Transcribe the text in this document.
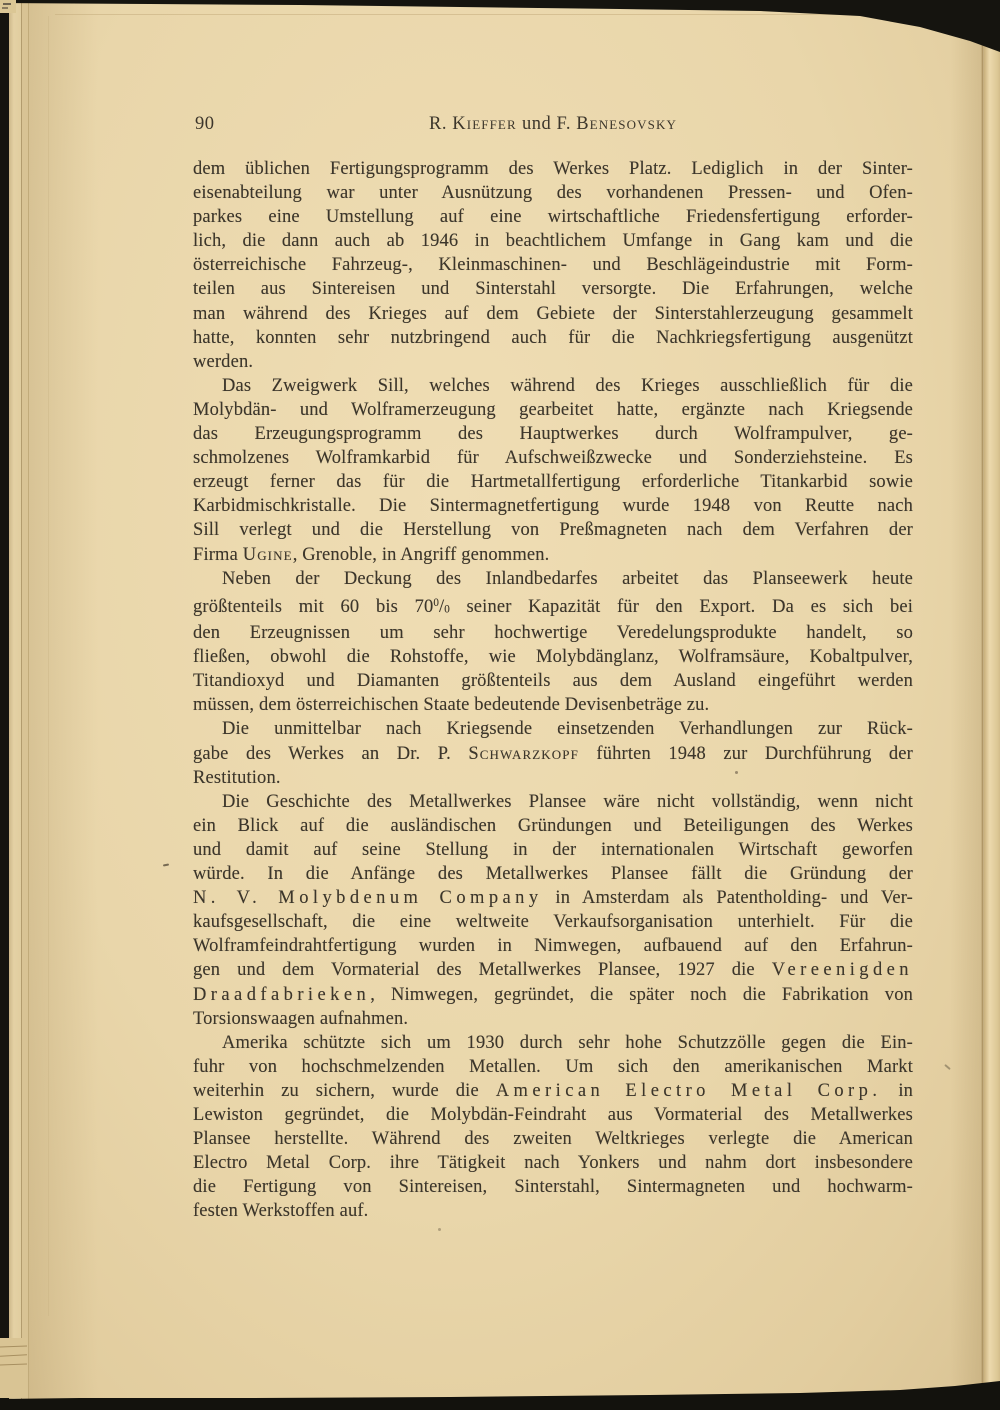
90	R. Kieffer und F. Benesovsky
dem üblichen Fertigungsprogramm des Werkes Platz. Lediglich in der Sinter-
eisenabteilung war unter Ausnützung des vorhandenen Pressen- und Ofen-
parkes eine Umstellung auf eine wirtschaftliche Friedensfertigung erforder-
lich, die dann auch ab 1946 in beachtlichem Umfange in Gang kam und die
österreichische Fahrzeug-, Kleinmaschinen- und Beschlägeindustrie mit Form-
teilen aus Sintereisen und Sinterstahl versorgte. Die Erfahrungen, welche
man während des Krieges auf dem Gebiete der Sinterstahlerzeugung gesammelt
hatte, konnten sehr nutzbringend auch für die Nachkriegsfertigung ausgenützt
werden.
Das Zweigwerk Sill, welches während des Krieges ausschließlich für die
Molybdän- und Wolframerzeugung gearbeitet hatte, ergänzte nach Kriegsende
das Erzeugungsprogramm des Hauptwerkes durch Wolframpulver, ge-
schmolzenes Wolframkarbid für Aufschweißzwecke und Sonderziehsteine. Es
erzeugt ferner das für die Hartmetallfertigung erforderliche Titankarbid sowie
Karbidmischkristalle. Die Sintermagnetfertigung wurde 1948 von Reutte nach
Sill verlegt und die Herstellung von Preßmagneten nach dem Verfahren der
Firma Ugine, Grenoble, in Angriff genommen.
Neben der Deckung des Inlandbedarfes arbeitet das Planseewerk heute
größtenteils mit 60 bis $70^0/0$ seiner Kapazität für den Export. Da es sich bei
den Erzeugnissen um sehr hochwertige Veredelungsprodukte handelt, so
fließen, obwohl die Rohstoffe, wie Molybdänglanz, Wolframsäure, Kobaltpulver,
Titandioxyd und Diamanten größtenteils aus dem Ausland eingeführt werden
müssen, dem österreichischen Staate bedeutende Devisenbeträge zu.
Die unmittelbar nach Kriegsende einsetzenden Verhandlungen zur Rück-
gabe des Werkes an Dr. P. Schwarzkopf führten 1948 zur Durchführung der
Restitution.
Die Geschichte des Metallwerkes Plansee wäre nicht vollständig, wenn nicht
ein Blick auf die ausländischen Gründungen und Beteiligungen des Werkes
und damit auf seine Stellung in der internationalen Wirtschaft geworfen
würde. In die Anfänge des Metallwerkes Plansee fällt die Gründung der
N. V. Molybdenum Company in Amsterdam als Patentholding- und Ver-
kaufsgesellschaft, die eine weltweite Verkaufsorganisation unterhielt. Für die
Wolframfeindrahtfertigung wurden in Nimwegen, aufbauend auf den Erfahrun-
gen und dem Vormaterial des Metallwerkes Plansee, 1927 die Vereenigden
Draadfabrieken, Nimwegen, gegründet, die später noch die Fabrikation von
Torsionswaagen aufnahmen.
Amerika schützte sich um 1930 durch sehr hohe Schutzzölle gegen die Ein-
fuhr von hochschmelzenden Metallen. Um sich den amerikanischen Markt
weiterhin zu sichern, wurde die American Electro Metal Corp. in
Lewiston gegründet, die Molybdän-Feindraht aus Vormaterial des Metallwerkes
Plansee herstellte. Während des zweiten Weltkrieges verlegte die American
Electro Metal Corp. ihre Tätigkeit nach Yonkers und nahm dort insbesondere
die Fertigung von Sintereisen, Sinterstahl, Sintermagneten und hochwarm-
festen Werkstoffen auf.
